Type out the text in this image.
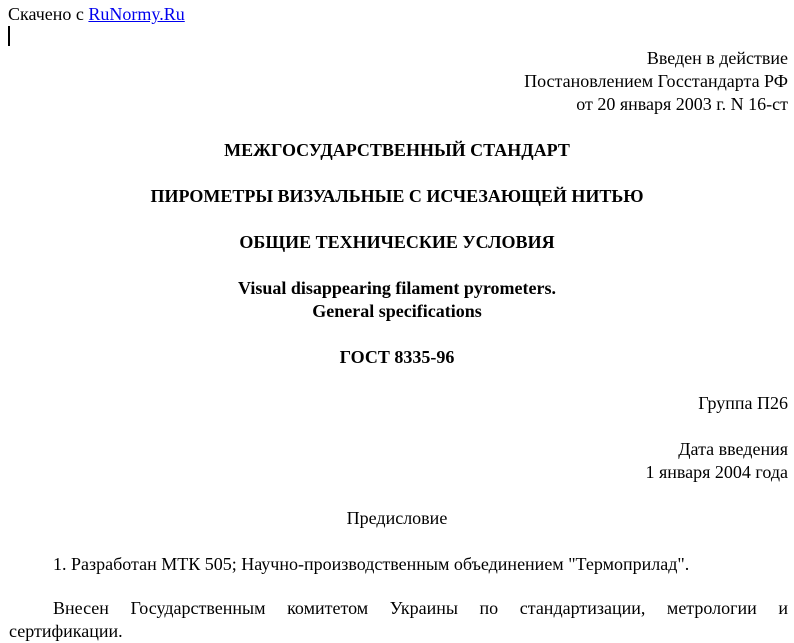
Скачено с RuNormy.Ru
Введен в действие
Постановлением Госстандарта РФ
от 20 января 2003 г. N 16-ст
МЕЖГОСУДАРСТВЕННЫЙ СТАНДАРТ
ПИРОМЕТРЫ ВИЗУАЛЬНЫЕ С ИСЧЕЗАЮЩЕЙ НИТЬЮ
ОБЩИЕ ТЕХНИЧЕСКИЕ УСЛОВИЯ
Visual disappearing filament pyrometers.
General specifications
ГОСТ 8335-96
Группа П26
Дата введения
1 января 2004 года
Предисловие
1. Разработан МТК 505; Научно-производственным объединением "Термоприлад".
Внесен Государственным комитетом Украины по стандартизации, метрологии и
сертификации.
